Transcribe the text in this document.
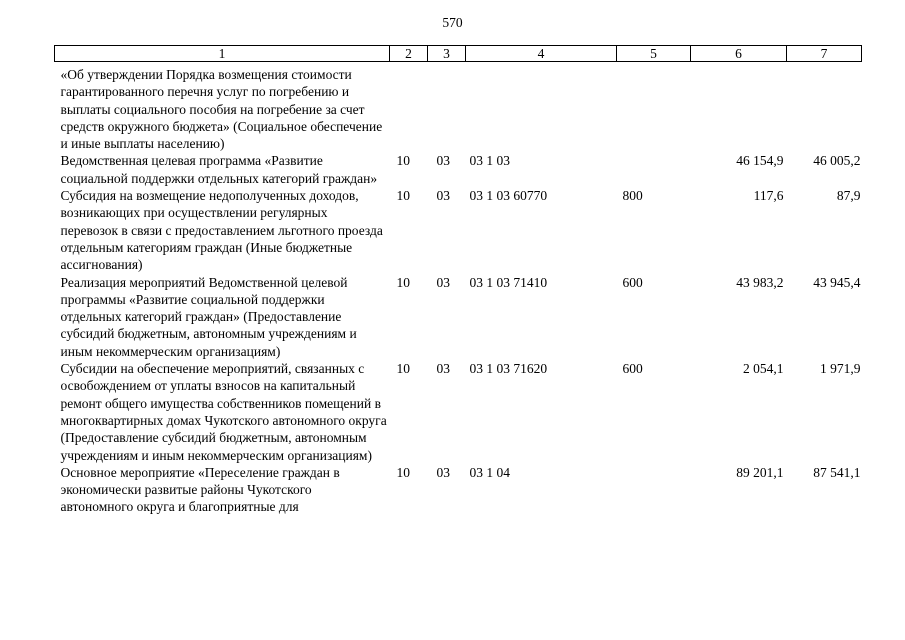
570
1	2	3	4	5	6	7
«Об утверждении Порядка возмещения стоимости гарантированного перечня услуг по погребению и выплаты социального пособия на погребение за счет средств окружного бюджета» (Социальное обеспечение и иные выплаты населению)						
Ведомственная целевая программа «Развитие социальной поддержки отдельных категорий граждан»	10	03	03 1 03		46 154,9	46 005,2
Субсидия на возмещение недополученных доходов, возникающих при осуществлении регулярных перевозок в связи с предоставлением льготного проезда отдельным категориям граждан (Иные бюджетные ассигнования)	10	03	03 1 03 60770	800	117,6	87,9
Реализация мероприятий Ведомственной целевой программы «Развитие социальной поддержки отдельных категорий граждан» (Предоставление субсидий бюджетным, автономным учреждениям и иным некоммерческим организациям)	10	03	03 1 03 71410	600	43 983,2	43 945,4
Субсидии на обеспечение мероприятий, связанных с освобождением от уплаты взносов на капитальный ремонт общего имущества собственников помещений в многоквартирных домах Чукотского автономного округа (Предоставление субсидий бюджетным, автономным учреждениям и иным некоммерческим организациям)	10	03	03 1 03 71620	600	2 054,1	1 971,9
Основное мероприятие «Переселение граждан в экономически развитые районы Чукотского автономного округа и благоприятные для	10	03	03 1 04		89 201,1	87 541,1
